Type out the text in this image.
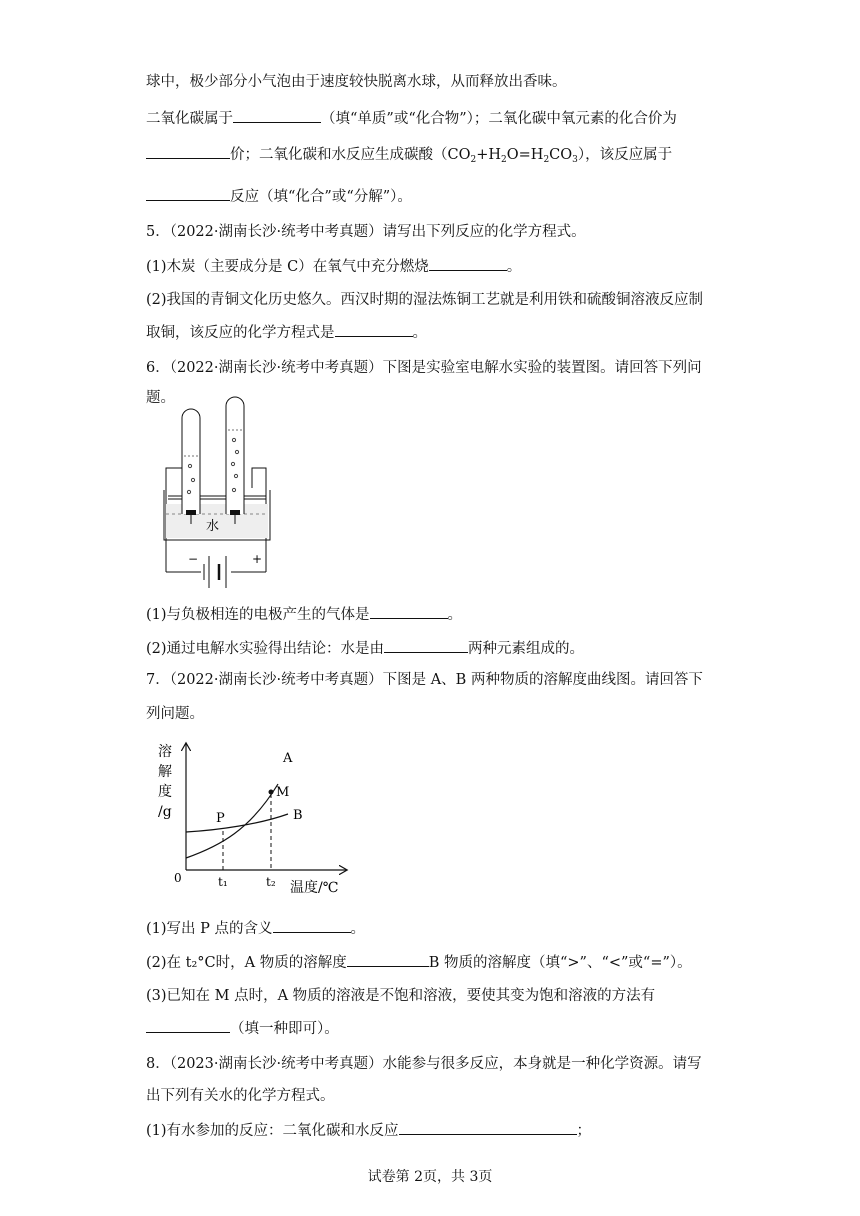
球中，极少部分小气泡由于速度较快脱离水球，从而释放出香味。
二氧化碳属于	（填“单质”或“化合物”）；二氧化碳中氧元素的化合价为
价；二氧化碳和水反应生成碳酸$(CO_2+H_2O=H_2CO_3)$，该反应属于
反应（填“化合”或“分解”）。
5．（2022·湖南长沙·统考中考真题）请写出下列反应的化学方程式。
(1)木炭（主要成分是 C）在氧气中充分燃烧	。
(2)我国的青铜文化历史悠久。西汉时期的湿法炼铜工艺就是利用铁和硫酸铜溶液反应制
取铜，该反应的化学方程式是	。
6．（2022·湖南长沙·统考中考真题）下图是实验室电解水实验的装置图。请回答下列问
题。
−	+
水
(1)与负极相连的电极产生的气体是	。
(2)通过电解水实验得出结论：水是由	两种元素组成的。
7．（2022·湖南长沙·统考中考真题）下图是 A、B 两种物质的溶解度曲线图。请回答下
列问题。
溶
解
度
/g
A
B
P
M
0	t₁	t₂ 温度/℃
(1)写出 P 点的含义	。
(2)在 t₂°C时，A 物质的溶解度	B 物质的溶解度（填“>”、“<”或“=”）。
(3)已知在 M 点时，A 物质的溶液是不饱和溶液，要使其变为饱和溶液的方法有
（填一种即可）。
8．（2023·湖南长沙·统考中考真题）水能参与很多反应，本身就是一种化学资源。请写
出下列有关水的化学方程式。
(1)有水参加的反应：二氧化碳和水反应	；
试卷第 2页，共 3页
